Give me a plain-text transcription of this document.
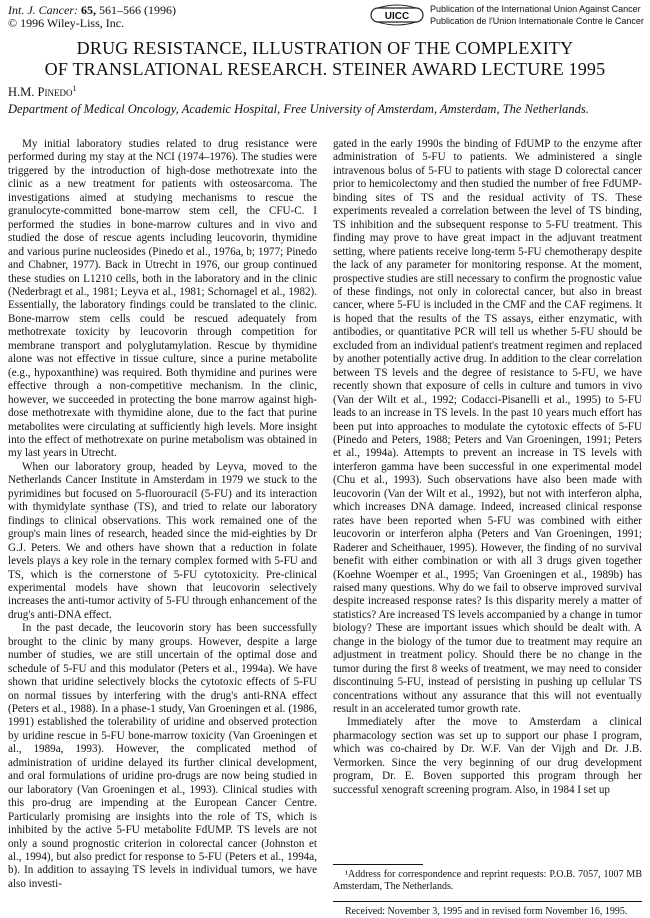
Int. J. Cancer: 65, 561–566 (1996)
© 1996 Wiley-Liss, Inc.	UICC
Publication of the International Union Against Cancer
Publication de l'Union Internationale Contre le Cancer
DRUG RESISTANCE, ILLUSTRATION OF THE COMPLEXITY
OF TRANSLATIONAL RESEARCH. STEINER AWARD LECTURE 1995
H.M. Pinedo$^1$
Department of Medical Oncology, Academic Hospital, Free University of Amsterdam, Amsterdam, The Netherlands.

My initial laboratory studies related to drug resistance were performed during my stay at the NCI (1974–1976). The studies were triggered by the introduction of high-dose methotrexate into the clinic as a new treatment for patients with osteosarcoma. The investigations aimed at studying mechanisms to rescue the granulocyte-committed bone-marrow stem cell, the CFU-C. I performed the studies in bone-marrow cultures and in vivo and studied the dose of rescue agents including leucovorin, thymidine and various purine nucleosides (Pinedo et al., 1976a, b; 1977; Pinedo and Chabner, 1977). Back in Utrecht in 1976, our group continued these studies on L1210 cells, both in the laboratory and in the clinic (Nederbragt et al., 1981; Leyva et al., 1981; Schornagel et al., 1982). Essentially, the laboratory findings could be translated to the clinic. Bone-marrow stem cells could be rescued adequately from methotrexate toxicity by leucovorin through competition for membrane transport and polyglutamylation. Rescue by thymidine alone was not effective in tissue culture, since a purine metabolite (e.g., hypoxanthine) was required. Both thymidine and purines were effective through a non-competitive mechanism. In the clinic, however, we succeeded in protecting the bone marrow against high-dose methotrexate with thymidine alone, due to the fact that purine metabolites were circulating at sufficiently high levels. More insight into the effect of methotrexate on purine metabolism was obtained in my last years in Utrecht.

When our laboratory group, headed by Leyva, moved to the Netherlands Cancer Institute in Amsterdam in 1979 we stuck to the pyrimidines but focused on 5-fluorouracil (5-FU) and its interaction with thymidylate synthase (TS), and tried to relate our laboratory findings to clinical observations. This work remained one of the group's main lines of research, headed since the mid-eighties by Dr G.J. Peters. We and others have shown that a reduction in folate levels plays a key role in the ternary complex formed with 5-FU and TS, which is the cornerstone of 5-FU cytotoxicity. Pre-clinical experimental models have shown that leucovorin selectively increases the anti-tumor activity of 5-FU through enhancement of the drug's anti-DNA effect.

In the past decade, the leucovorin story has been successfully brought to the clinic by many groups. However, despite a large number of studies, we are still uncertain of the optimal dose and schedule of 5-FU and this modulator (Peters et al., 1994a). We have shown that uridine selectively blocks the cytotoxic effects of 5-FU on normal tissues by interfering with the drug's anti-RNA effect (Peters et al., 1988). In a phase-1 study, Van Groeningen et al. (1986, 1991) established the tolerability of uridine and observed protection by uridine rescue in 5-FU bone-marrow toxicity (Van Groeningen et al., 1989a, 1993). However, the complicated method of administration of uridine delayed its further clinical development, and oral formulations of uridine pro-drugs are now being studied in our laboratory (Van Groeningen et al., 1993). Clinical studies with this pro-drug are impending at the European Cancer Centre. Particularly promising are insights into the role of TS, which is inhibited by the active 5-FU metabolite FdUMP. TS levels are not only a sound prognostic criterion in colorectal cancer (Johnston et al., 1994), but also predict for response to 5-FU (Peters et al., 1994a, b). In addition to assaying TS levels in individual tumors, we have also investi-

gated in the early 1990s the binding of FdUMP to the enzyme after administration of 5-FU to patients. We administered a single intravenous bolus of 5-FU to patients with stage D colorectal cancer prior to hemicolectomy and then studied the number of free FdUMP-binding sites of TS and the residual activity of TS. These experiments revealed a correlation between the level of TS binding, TS inhibition and the subsequent response to 5-FU treatment. This finding may prove to have great impact in the adjuvant treatment setting, where patients receive long-term 5-FU chemotherapy despite the lack of any parameter for monitoring response. At the moment, prospective studies are still necessary to confirm the prognostic value of these findings, not only in colorectal cancer, but also in breast cancer, where 5-FU is included in the CMF and the CAF regimens. It is hoped that the results of the TS assays, either enzymatic, with antibodies, or quantitative PCR will tell us whether 5-FU should be excluded from an individual patient's treatment regimen and replaced by another potentially active drug. In addition to the clear correlation between TS levels and the degree of resistance to 5-FU, we have recently shown that exposure of cells in culture and tumors in vivo (Van der Wilt et al., 1992; Codacci-Pisanelli et al., 1995) to 5-FU leads to an increase in TS levels. In the past 10 years much effort has been put into approaches to modulate the cytotoxic effects of 5-FU (Pinedo and Peters, 1988; Peters and Van Groeningen, 1991; Peters et al., 1994a). Attempts to prevent an increase in TS levels with interferon gamma have been successful in one experimental model (Chu et al., 1993). Such observations have also been made with leucovorin (Van der Wilt et al., 1992), but not with interferon alpha, which increases DNA damage. Indeed, increased clinical response rates have been reported when 5-FU was combined with either leucovorin or interferon alpha (Peters and Van Groeningen, 1991; Raderer and Scheithauer, 1995). However, the finding of no survival benefit with either combination or with all 3 drugs given together (Koehne Woemper et al., 1995; Van Groeningen et al., 1989b) has raised many questions. Why do we fail to observe improved survival despite increased response rates? Is this disparity merely a matter of statistics? Are increased TS levels accompanied by a change in tumor biology? These are important issues which should be dealt with. A change in the biology of the tumor due to treatment may require an adjustment in treatment policy. Should there be no change in the tumor during the first 8 weeks of treatment, we may need to consider discontinuing 5-FU, instead of persisting in pushing up cellular TS concentrations without any assurance that this will not eventually result in an accelerated tumor growth rate.

Immediately after the move to Amsterdam a clinical pharmacology section was set up to support our phase I program, which was co-chaired by Dr. W.F. Van der Vijgh and Dr. J.B. Vermorken. Since the very beginning of our drug development program, Dr. E. Boven supported this program through her successful xenograft screening program. Also, in 1984 I set up

¹Address for correspondence and reprint requests: P.O.B. 7057, 1007 MB Amsterdam, The Netherlands.
Received: November 3, 1995 and in revised form November 16, 1995.
